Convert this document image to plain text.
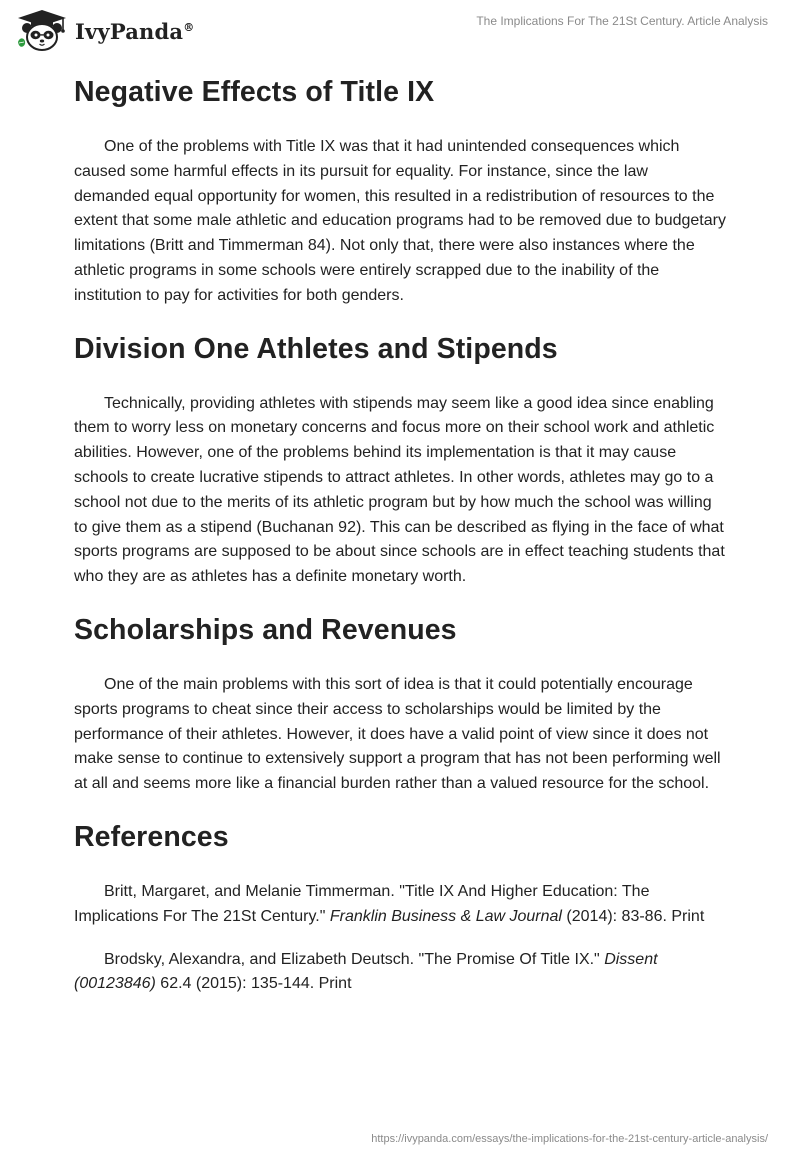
IvyPanda®	The Implications For The 21St Century. Article Analysis
Negative Effects of Title IX

One of the problems with Title IX was that it had unintended consequences which caused some harmful effects in its pursuit for equality. For instance, since the law demanded equal opportunity for women, this resulted in a redistribution of resources to the extent that some male athletic and education programs had to be removed due to budgetary limitations (Britt and Timmerman 84). Not only that, there were also instances where the athletic programs in some schools were entirely scrapped due to the inability of the institution to pay for activities for both genders.

Division One Athletes and Stipends

Technically, providing athletes with stipends may seem like a good idea since enabling them to worry less on monetary concerns and focus more on their school work and athletic abilities. However, one of the problems behind its implementation is that it may cause schools to create lucrative stipends to attract athletes. In other words, athletes may go to a school not due to the merits of its athletic program but by how much the school was willing to give them as a stipend (Buchanan 92). This can be described as flying in the face of what sports programs are supposed to be about since schools are in effect teaching students that who they are as athletes has a definite monetary worth.

Scholarships and Revenues

One of the main problems with this sort of idea is that it could potentially encourage sports programs to cheat since their access to scholarships would be limited by the performance of their athletes. However, it does have a valid point of view since it does not make sense to continue to extensively support a program that has not been performing well at all and seems more like a financial burden rather than a valued resource for the school.

References

Britt, Margaret, and Melanie Timmerman. "Title IX And Higher Education: The Implications For The 21St Century." Franklin Business & Law Journal (2014): 83-86. Print

Brodsky, Alexandra, and Elizabeth Deutsch. "The Promise Of Title IX." Dissent (00123846) 62.4 (2015): 135-144. Print

https://ivypanda.com/essays/the-implications-for-the-21st-century-article-analysis/
